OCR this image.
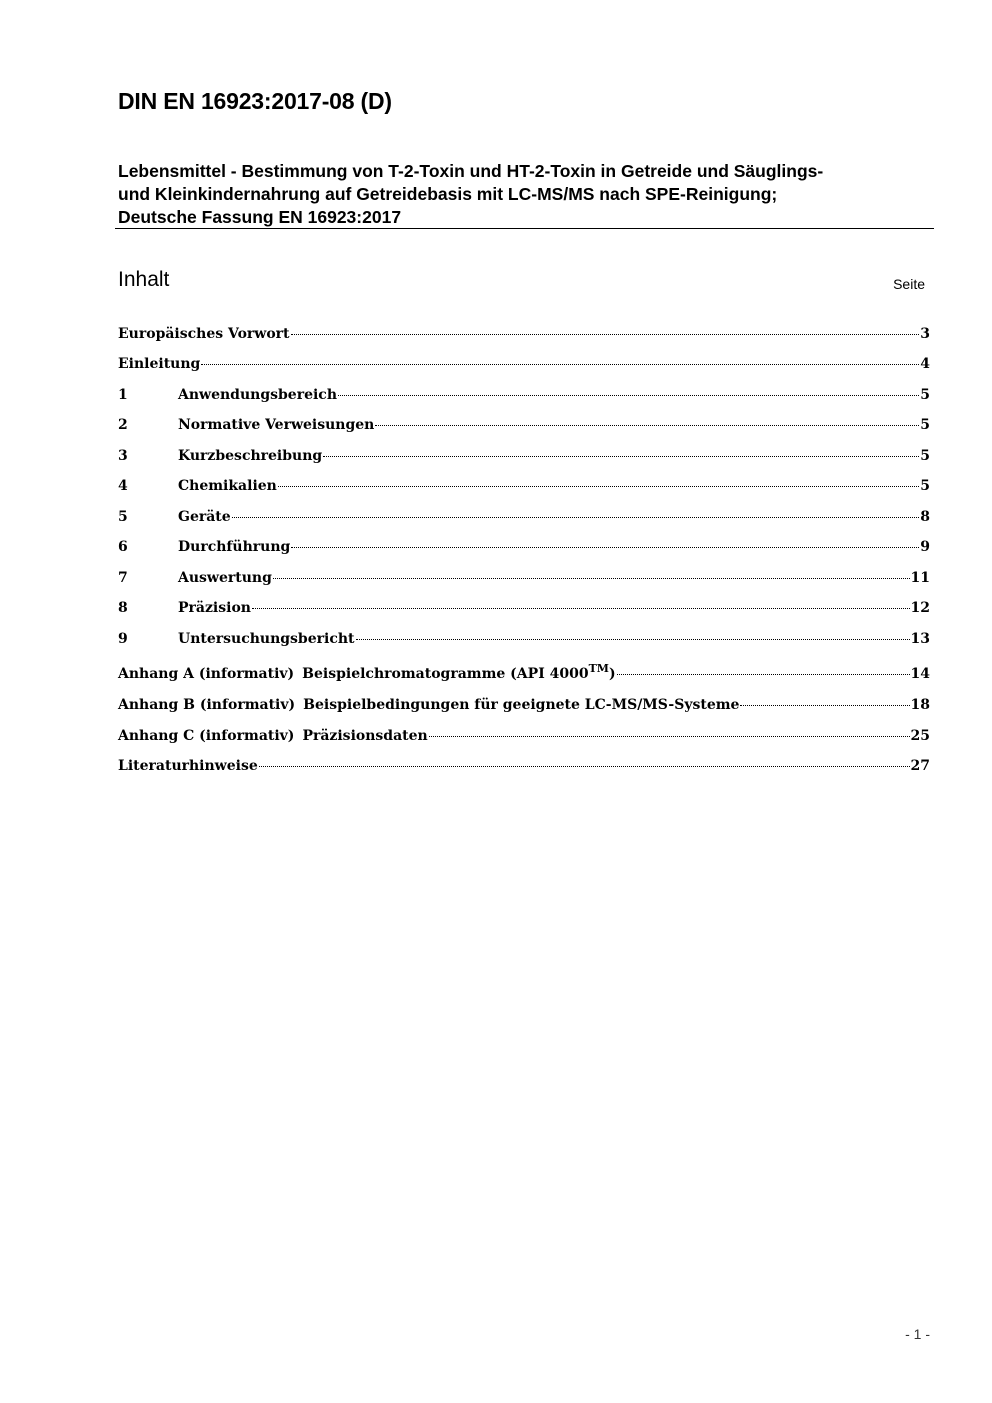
DIN EN 16923:2017-08 (D)
Lebensmittel - Bestimmung von T-2-Toxin und HT-2-Toxin in Getreide und Säuglings-
und Kleinkindernahrung auf Getreidebasis mit LC-MS/MS nach SPE-Reinigung;
Deutsche Fassung EN 16923:2017
Inhalt	Seite
Europäisches Vorwort	3
Einleitung	4
1	Anwendungsbereich	5
2	Normative Verweisungen	5
3	Kurzbeschreibung	5
4	Chemikalien	5
5	Geräte	8
6	Durchführung	9
7	Auswertung	11
8	Präzision	12
9	Untersuchungsbericht	13
Anhang A (informativ) Beispielchromatogramme (API 4000™)	14
Anhang B (informativ) Beispielbedingungen für geeignete LC-MS/MS-Systeme	18
Anhang C (informativ) Präzisionsdaten	25
Literaturhinweise	27
- 1 -
